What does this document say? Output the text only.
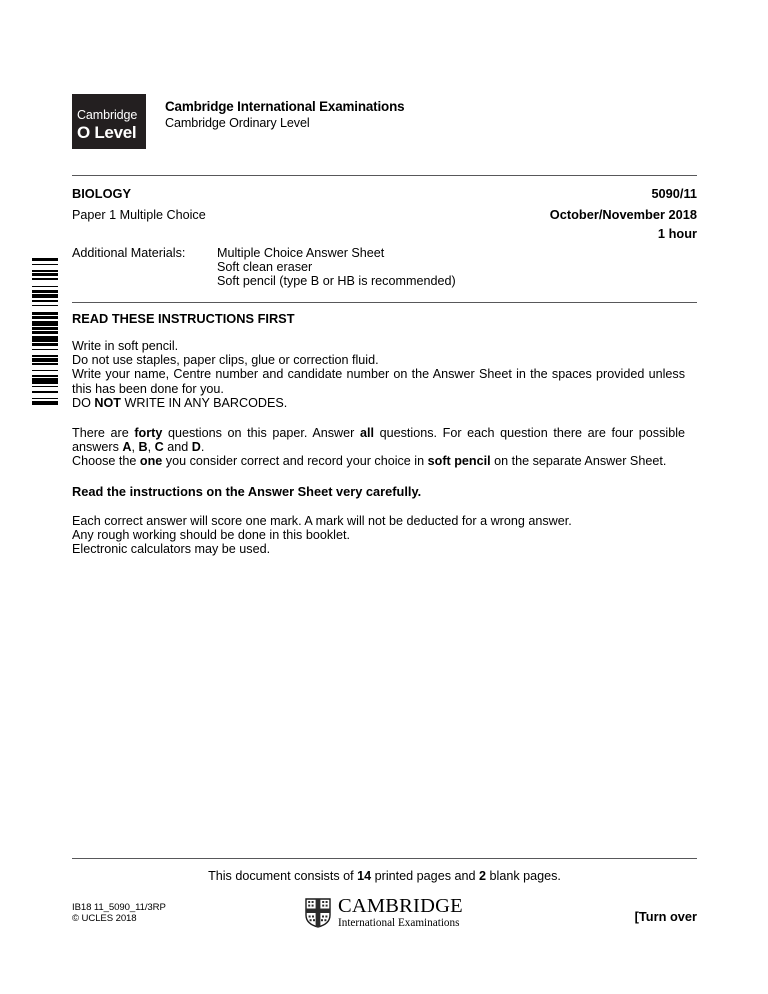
Cambridge
O Level
Cambridge International Examinations
Cambridge Ordinary Level
BIOLOGY	5090/11
Paper 1 Multiple Choice	October/November 2018
1 hour
Additional Materials:	Multiple Choice Answer Sheet
Soft clean eraser
Soft pencil (type B or HB is recommended)
READ THESE INSTRUCTIONS FIRST
Write in soft pencil.
Do not use staples, paper clips, glue or correction fluid.
Write your name, Centre number and candidate number on the Answer Sheet in the spaces provided unless this has been done for you.
DO NOT WRITE IN ANY BARCODES.
There are forty questions on this paper. Answer all questions. For each question there are four possible answers A, B, C and D.
Choose the one you consider correct and record your choice in soft pencil on the separate Answer Sheet.
Read the instructions on the Answer Sheet very carefully.
Each correct answer will score one mark. A mark will not be deducted for a wrong answer.
Any rough working should be done in this booklet.
Electronic calculators may be used.
This document consists of 14 printed pages and 2 blank pages.
IB18 11_5090_11/3RP
© UCLES 2018
CAMBRIDGE
International Examinations	[Turn over
